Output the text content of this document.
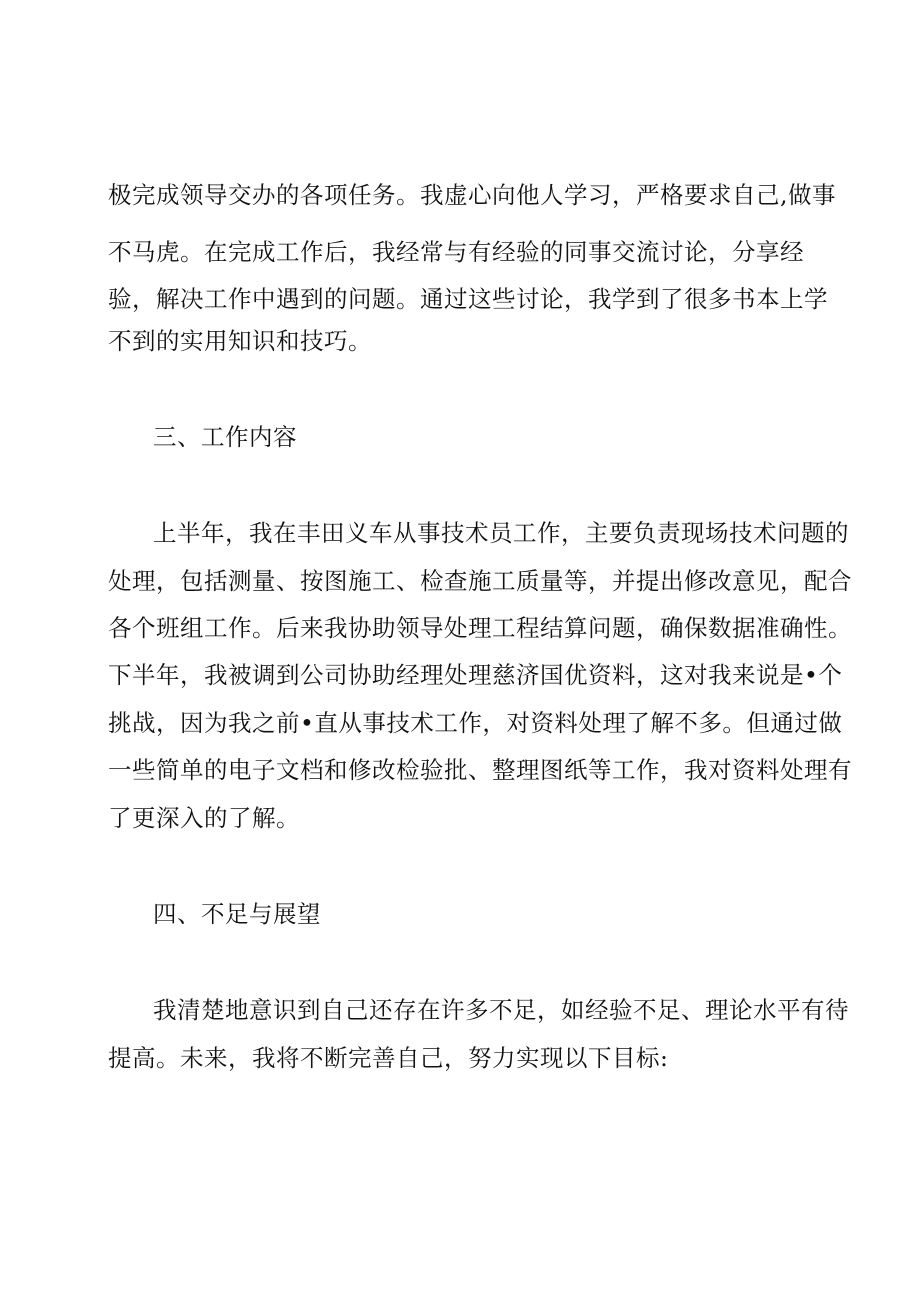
极完成领导交办的各项任务。我虚心向他人学习，严格要求自己,做事
不马虎。在完成工作后，我经常与有经验的同事交流讨论，分享经
验，解决工作中遇到的问题。通过这些讨论，我学到了很多书本上学
不到的实用知识和技巧。
三、工作内容
上半年，我在丰田义车从事技术员工作，主要负责现场技术问题的
处理，包括测量、按图施工、检查施工质量等，并提出修改意见，配合
各个班组工作。后来我协助领导处理工程结算问题，确保数据准确性。
下半年，我被调到公司协助经理处理慈济国优资料，这对我来说是•个
挑战，因为我之前•直从事技术工作，对资料处理了解不多。但通过做
一些简单的电子文档和修改检验批、整理图纸等工作，我对资料处理有
了更深入的了解。
四、不足与展望
我清楚地意识到自己还存在许多不足，如经验不足、理论水平有待
提高。未来，我将不断完善自己，努力实现以下目标:
